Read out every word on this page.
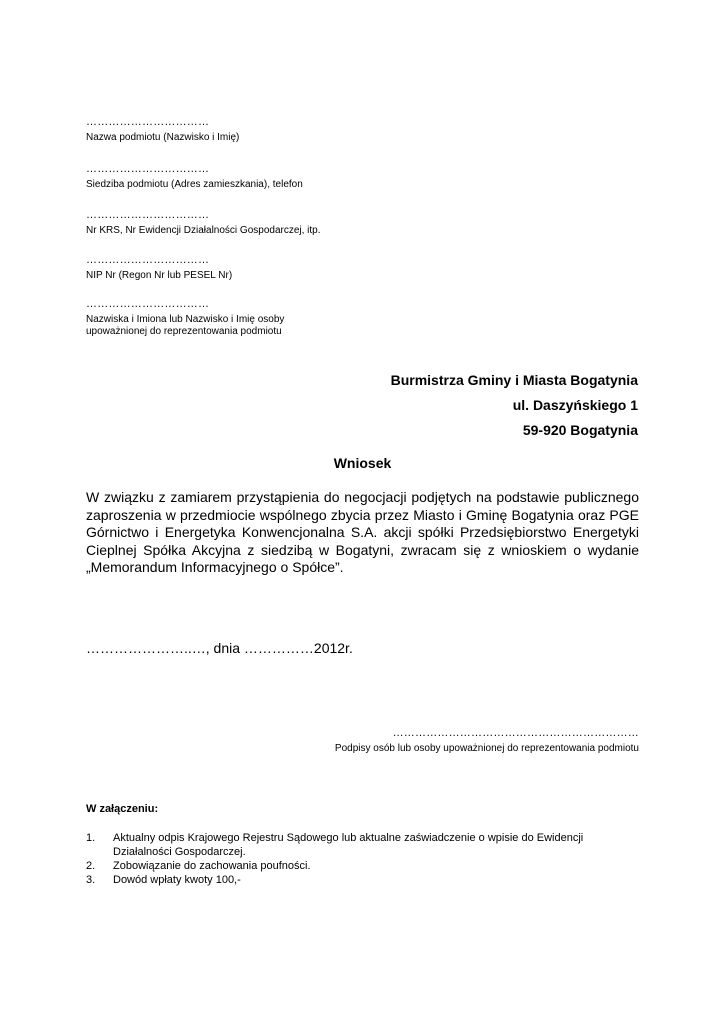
……………………………
Nazwa podmiotu (Nazwisko i Imię)
……………………………
Siedziba podmiotu (Adres zamieszkania), telefon
……………………………
Nr KRS, Nr Ewidencji Działalności Gospodarczej, itp.
……………………………
NIP Nr (Regon Nr lub PESEL Nr)
……………………………
Nazwiska i Imiona lub Nazwisko i Imię osoby
upoważnionej do reprezentowania podmiotu
Burmistrza Gminy i Miasta Bogatynia
ul. Daszyńskiego 1
59-920 Bogatynia
Wniosek
W związku z zamiarem przystąpienia do negocjacji podjętych na podstawie publicznego zaproszenia w przedmiocie wspólnego zbycia przez Miasto i Gminę Bogatynia oraz PGE Górnictwo i Energetyka Konwencjonalna S.A. akcji spółki Przedsiębiorstwo Energetyki Cieplnej Spółka Akcyjna z siedzibą w Bogatyni, zwracam się z wnioskiem o wydanie „Memorandum Informacyjnego o Spółce”.
…………………..…, dnia ……………2012r.
…………………………………………………………
Podpisy osób lub osoby upoważnionej do reprezentowania podmiotu
W załączeniu:
1.	Aktualny odpis Krajowego Rejestru Sądowego lub aktualne zaświadczenie o wpisie do Ewidencji Działalności Gospodarczej.
2.	Zobowiązanie do zachowania poufności.
3.	Dowód wpłaty kwoty 100,-
